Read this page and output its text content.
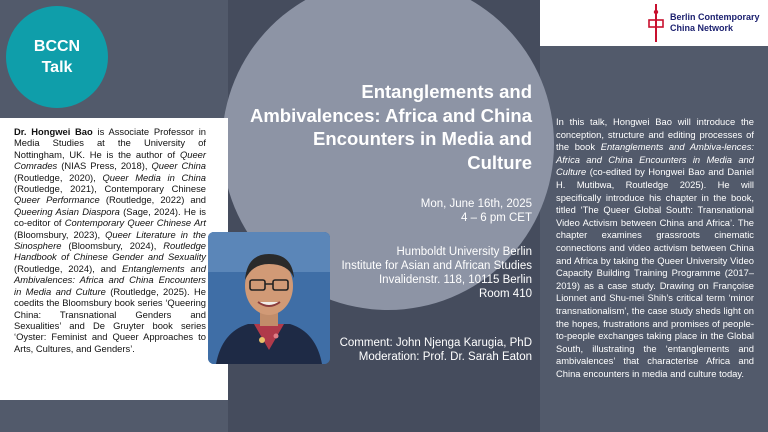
BCCN
Talk

Dr. Hongwei Bao is Associate Professor in Media Studies at the University of Nottingham, UK. He is the author of Queer Comrades (NIAS Press, 2018), Queer China (Routledge, 2020), Queer Media in China (Routledge, 2021), Contemporary Chinese Queer Performance (Routledge, 2022) and Queering Asian Diaspora (Sage, 2024). He is co-editor of Contemporary Queer Chinese Art (Bloomsbury, 2023), Queer Literature in the Sinosphere (Bloomsbury, 2024), Routledge Handbook of Chinese Gender and Sexuality (Routledge, 2024), and Entanglements and Ambivalences: Africa and China Encounters in Media and Culture (Routledge, 2025). He coedits the Bloomsbury book series ‘Queering China: Transnational Genders and Sexualities’ and De Gruyter book series ‘Oyster: Feminist and Queer Approaches to Arts, Cultures, and Genders’.

Berlin Contemporary
China Network
Entanglements and
Ambivalences: Africa and China
Encounters in Media and
Culture
Mon, June 16th, 2025
4 – 6 pm CET
Humboldt University Berlin
Institute for Asian and African Studies
Invalidenstr. 118, 10115 Berlin
Room 410
Comment: John Njenga Karugia, PhD
Moderation: Prof. Dr. Sarah Eaton

In this talk, Hongwei Bao will introduce the conception, structure and editing processes of the book Entanglements and Ambiva-lences: Africa and China Encounters in Media and Culture (co-edited by Hongwei Bao and Daniel H. Mutibwa, Routledge 2025). He will specifically introduce his chapter in the book, titled ‘The Queer Global South: Transnational Video Activism between China and Africa’. The chapter examines grassroots cinematic connections and video activism between China and Africa by taking the Queer University Video Capacity Building Training Programme (2017–2019) as a case study. Drawing on Françoise Lionnet and Shu-mei Shih’s critical term ‘minor transnationalism’, the case study sheds light on the hopes, frustrations and promises of people-to-people exchanges taking place in the Global South, illustrating the ‘entanglements and ambivalences’ that characterise Africa and China encounters in media and culture today.
